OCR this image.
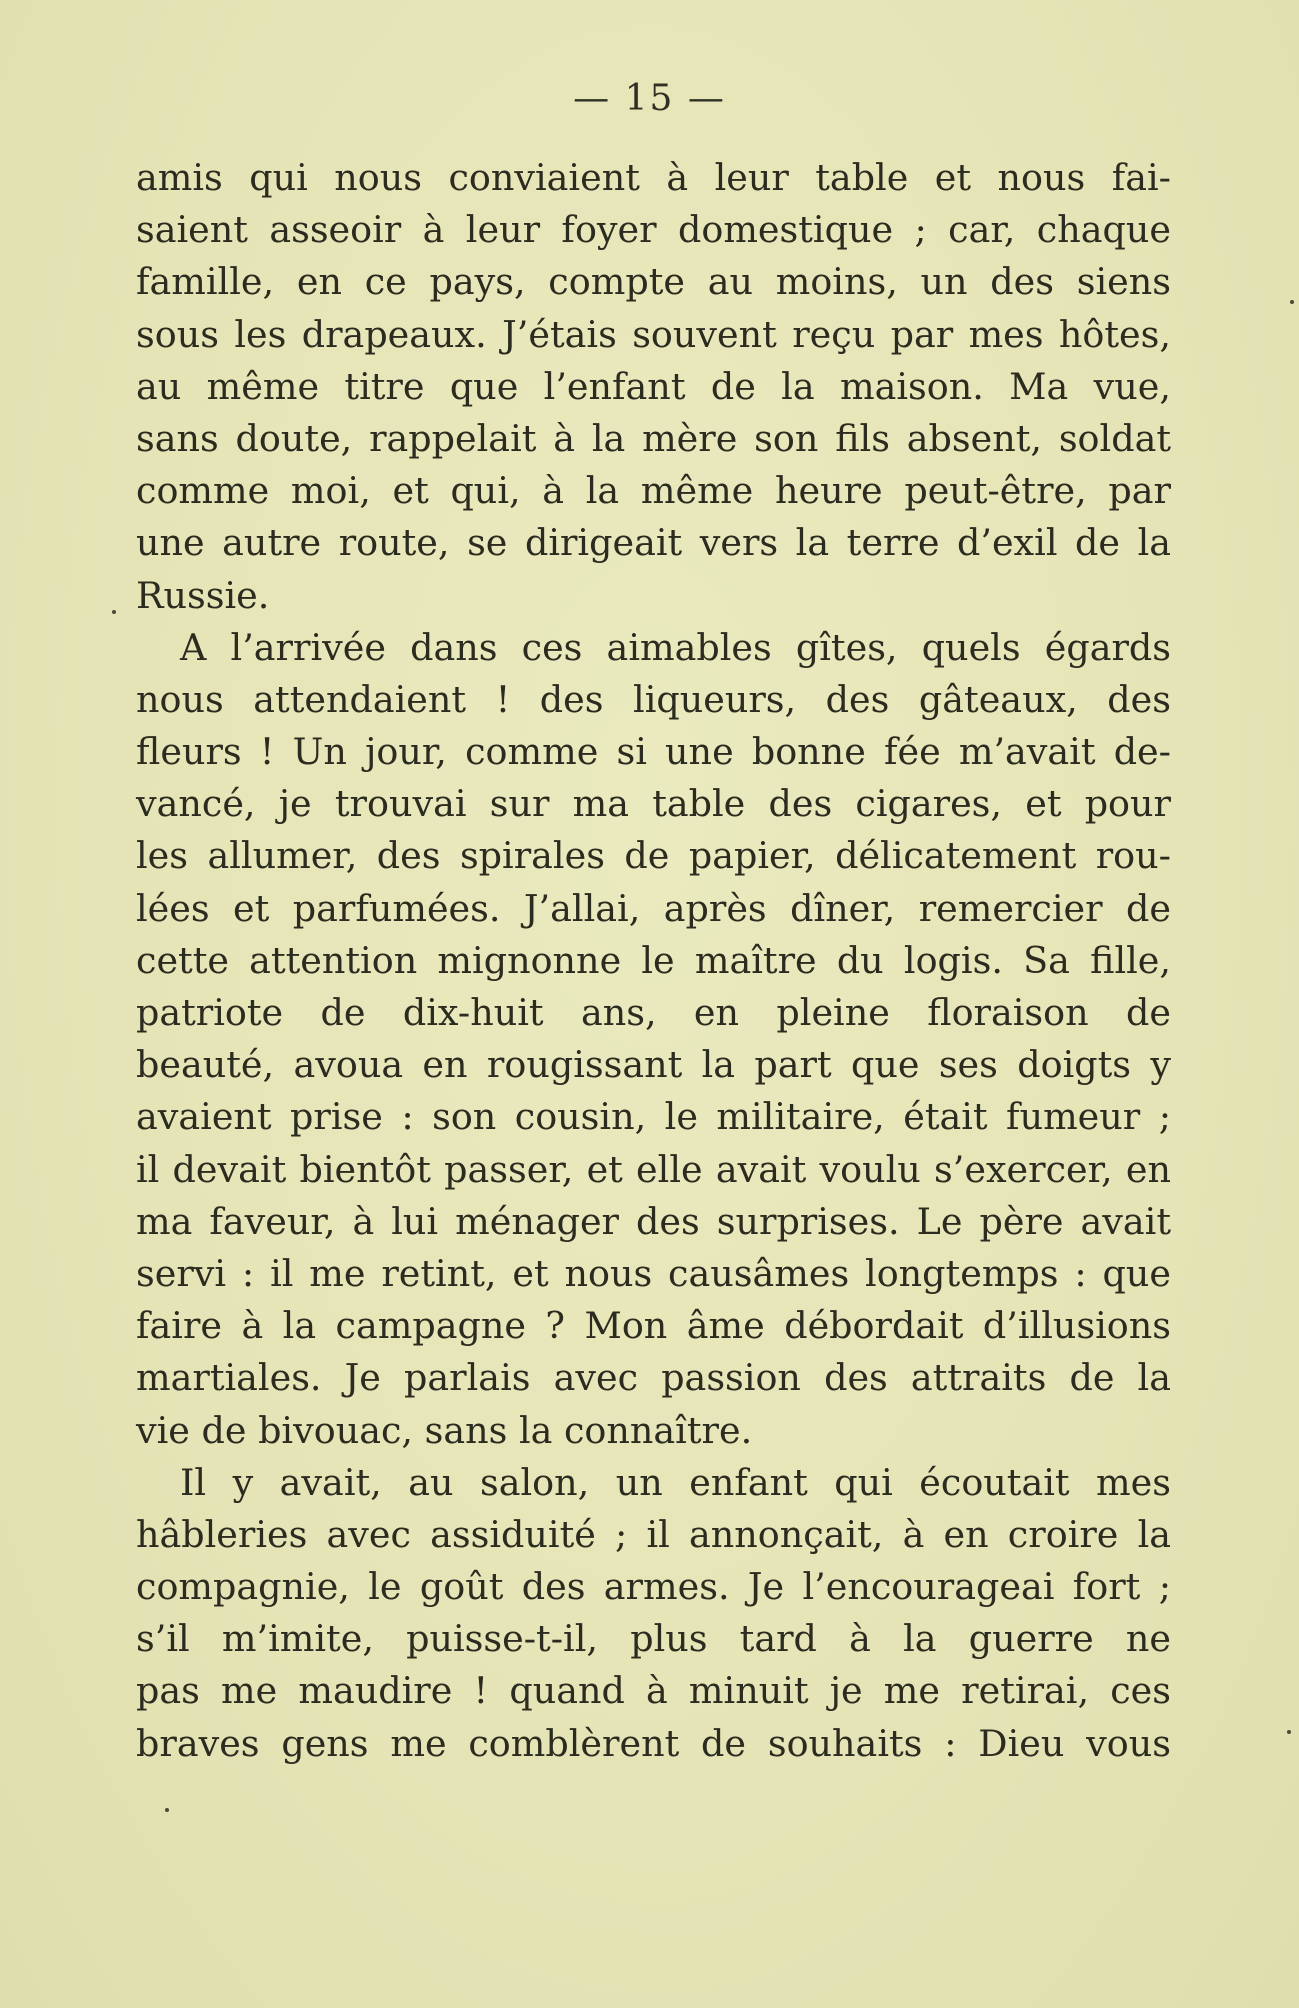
— 15 —
amis qui nous conviaient à leur table et nous fai-
saient asseoir à leur foyer domestique ; car, chaque
famille, en ce pays, compte au moins, un des siens
sous les drapeaux. J’étais souvent reçu par mes hôtes,
au même titre que l’enfant de la maison. Ma vue,
sans doute, rappelait à la mère son fils absent, soldat
comme moi, et qui, à la même heure peut-être, par
une autre route, se dirigeait vers la terre d’exil de la
Russie.
A l’arrivée dans ces aimables gîtes, quels égards
nous attendaient ! des liqueurs, des gâteaux, des
fleurs ! Un jour, comme si une bonne fée m’avait de-
vancé, je trouvai sur ma table des cigares, et pour
les allumer, des spirales de papier, délicatement rou-
lées et parfumées. J’allai, après dîner, remercier de
cette attention mignonne le maître du logis. Sa fille,
patriote de dix-huit ans, en pleine floraison de
beauté, avoua en rougissant la part que ses doigts y
avaient prise : son cousin, le militaire, était fumeur ;
il devait bientôt passer, et elle avait voulu s’exercer, en
ma faveur, à lui ménager des surprises. Le père avait
servi : il me retint, et nous causâmes longtemps : que
faire à la campagne ? Mon âme débordait d’illusions
martiales. Je parlais avec passion des attraits de la
vie de bivouac, sans la connaître.
Il y avait, au salon, un enfant qui écoutait mes
hâbleries avec assiduité ; il annonçait, à en croire la
compagnie, le goût des armes. Je l’encourageai fort ;
s’il m’imite, puisse-t-il, plus tard à la guerre ne
pas me maudire ! quand à minuit je me retirai, ces
braves gens me comblèrent de souhaits : Dieu vous
